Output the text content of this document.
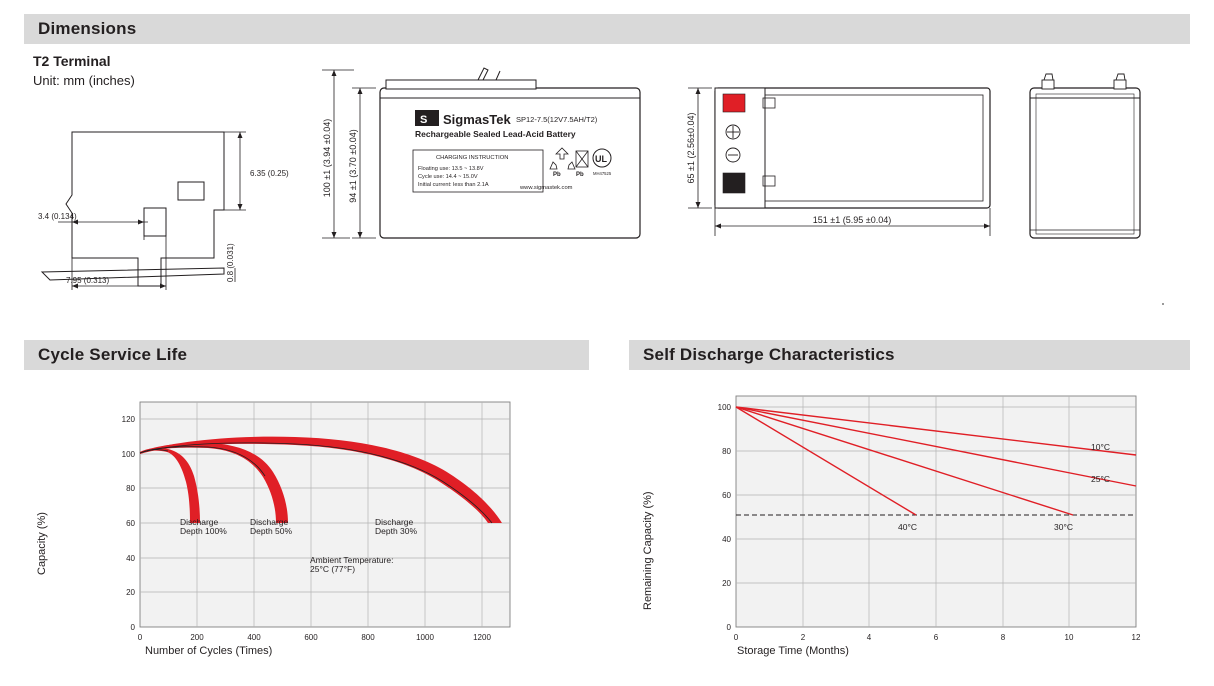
Dimensions
T2 Terminal
Unit: mm (inches)
6.35 (0.25)
3.4 (0.134)
7.95 (0.313)	0.8 (0.031)
S SigmasTek SP12-7.5(12V7.5AH/T2)
Rechargeable Sealed Lead-Acid Battery
CHARGING INSTRUCTION
Floating use: 13.5 ~ 13.8V
Cycle use: 14.4 ~ 15.0V
Initial current: less than 2.1A
Pb	Pb
UL
MH47525
www.sigmastek.com
94 ±1 (3.70 ±0.04)
100 ±1 (3.94 ±0.04)	65 ±1 (2.56±0.04)
151 ±1 (5.95 ±0.04)
Cycle Service Life
0
20
40
60
80
100
120
0	200	400	600	800	1000	1200
Discharge
Depth 100%
Discharge
Depth 50%
Discharge
Depth 30%
Ambient Temperature:
25°C (77°F)
Capacity (%)
Number of Cycles (Times)
Self Discharge Characteristics
0
20
40
60
80
100
0	2	4	6	8	10	12
10°C
25°C
30°C
40°C
Remaining Capacity (%)
Storage Time (Months)
